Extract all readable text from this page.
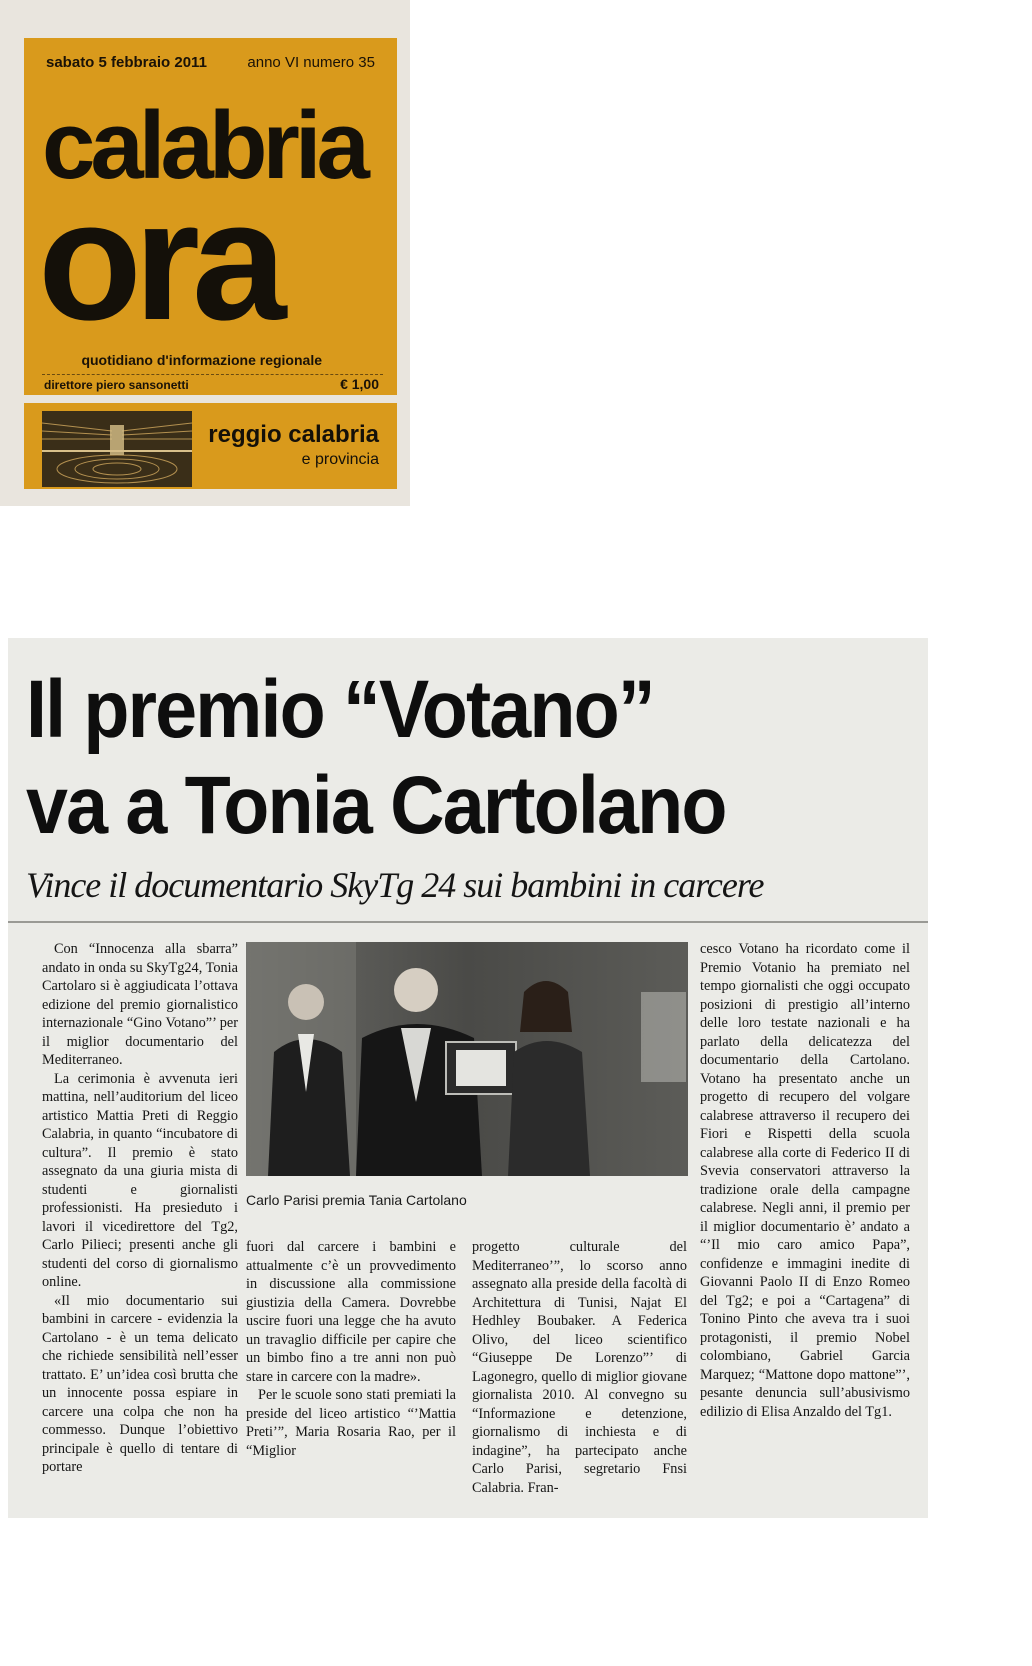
sabato 5 febbraio 2011	anno VI numero 35
calabria
ora
quotidiano d'informazione regionale
direttore piero sansonetti	€ 1,00
reggio calabria
e provincia
Il premio “Votano”
va a Tonia Cartolano
Vince il documentario SkyTg 24 sui bambini in carcere

Con “Innocenza alla sbarra” andato in onda su SkyTg24, Tonia Cartolaro si è aggiudicata l’ottava edizione del premio giornalistico internazionale “Gino Votano”’ per il miglior documentario del Mediterraneo.

La cerimonia è avvenuta ieri mattina, nell’auditorium del liceo artistico Mattia Preti di Reggio Calabria, in quanto “incubatore di cultura”. Il premio è stato assegnato da una giuria mista di studenti e giornalisti professionisti. Ha presieduto i lavori il vicedirettore del Tg2, Carlo Pilieci; presenti anche gli studenti del corso di giornalismo online.

«Il mio documentario sui bambini in carcere - evidenzia la Cartolano - è un tema delicato che richiede sensibilità nell’esser trattato. E’ un’idea così brutta che un innocente possa espiare in carcere una colpa che non ha commesso. Dunque l’obiettivo principale è quello di tentare di portare

Carlo Parisi premia Tania Cartolano

fuori dal carcere i bambini e attualmente c’è un provvedimento in discussione alla commissione giustizia della Camera. Dovrebbe uscire fuori una legge che ha avuto un travaglio difficile per capire che un bimbo fino a tre anni non può stare in carcere con la madre».

Per le scuole sono stati premiati la preside del liceo artistico “’Mattia Preti’”, Maria Rosaria Rao, per il “Miglior

progetto culturale del Mediterraneo’”, lo scorso anno assegnato alla preside della facoltà di Architettura di Tunisi, Najat El Hedhley Boubaker. A Federica Olivo, del liceo scientifico “Giuseppe De Lorenzo”’ di Lagonegro, quello di miglior giovane giornalista 2010. Al convegno su “Informazione e detenzione, giornalismo di inchiesta e di indagine”, ha partecipato anche Carlo Parisi, segretario Fnsi Calabria. Fran-

cesco Votano ha ricordato come il Premio Votanio ha premiato nel tempo giornalisti che oggi occupato posizioni di prestigio all’interno delle loro testate nazionali e ha parlato della delicatezza del documentario della Cartolano. Votano ha presentato anche un progetto di recupero del volgare calabrese attraverso il recupero dei Fiori e Rispetti della scuola calabrese alla corte di Federico II di Svevia conservatori attraverso la tradizione orale della campagne calabrese. Negli anni, il premio per il miglior documentario è’ andato a “’Il mio caro amico Papa”, confidenze e immagini inedite di Giovanni Paolo II di Enzo Romeo del Tg2; e poi a “Cartagena” di Tonino Pinto che aveva tra i suoi protagonisti, il premio Nobel colombiano, Gabriel Garcia Marquez; “Mattone dopo mattone”’, pesante denuncia sull’abusivismo edilizio di Elisa Anzaldo del Tg1.
